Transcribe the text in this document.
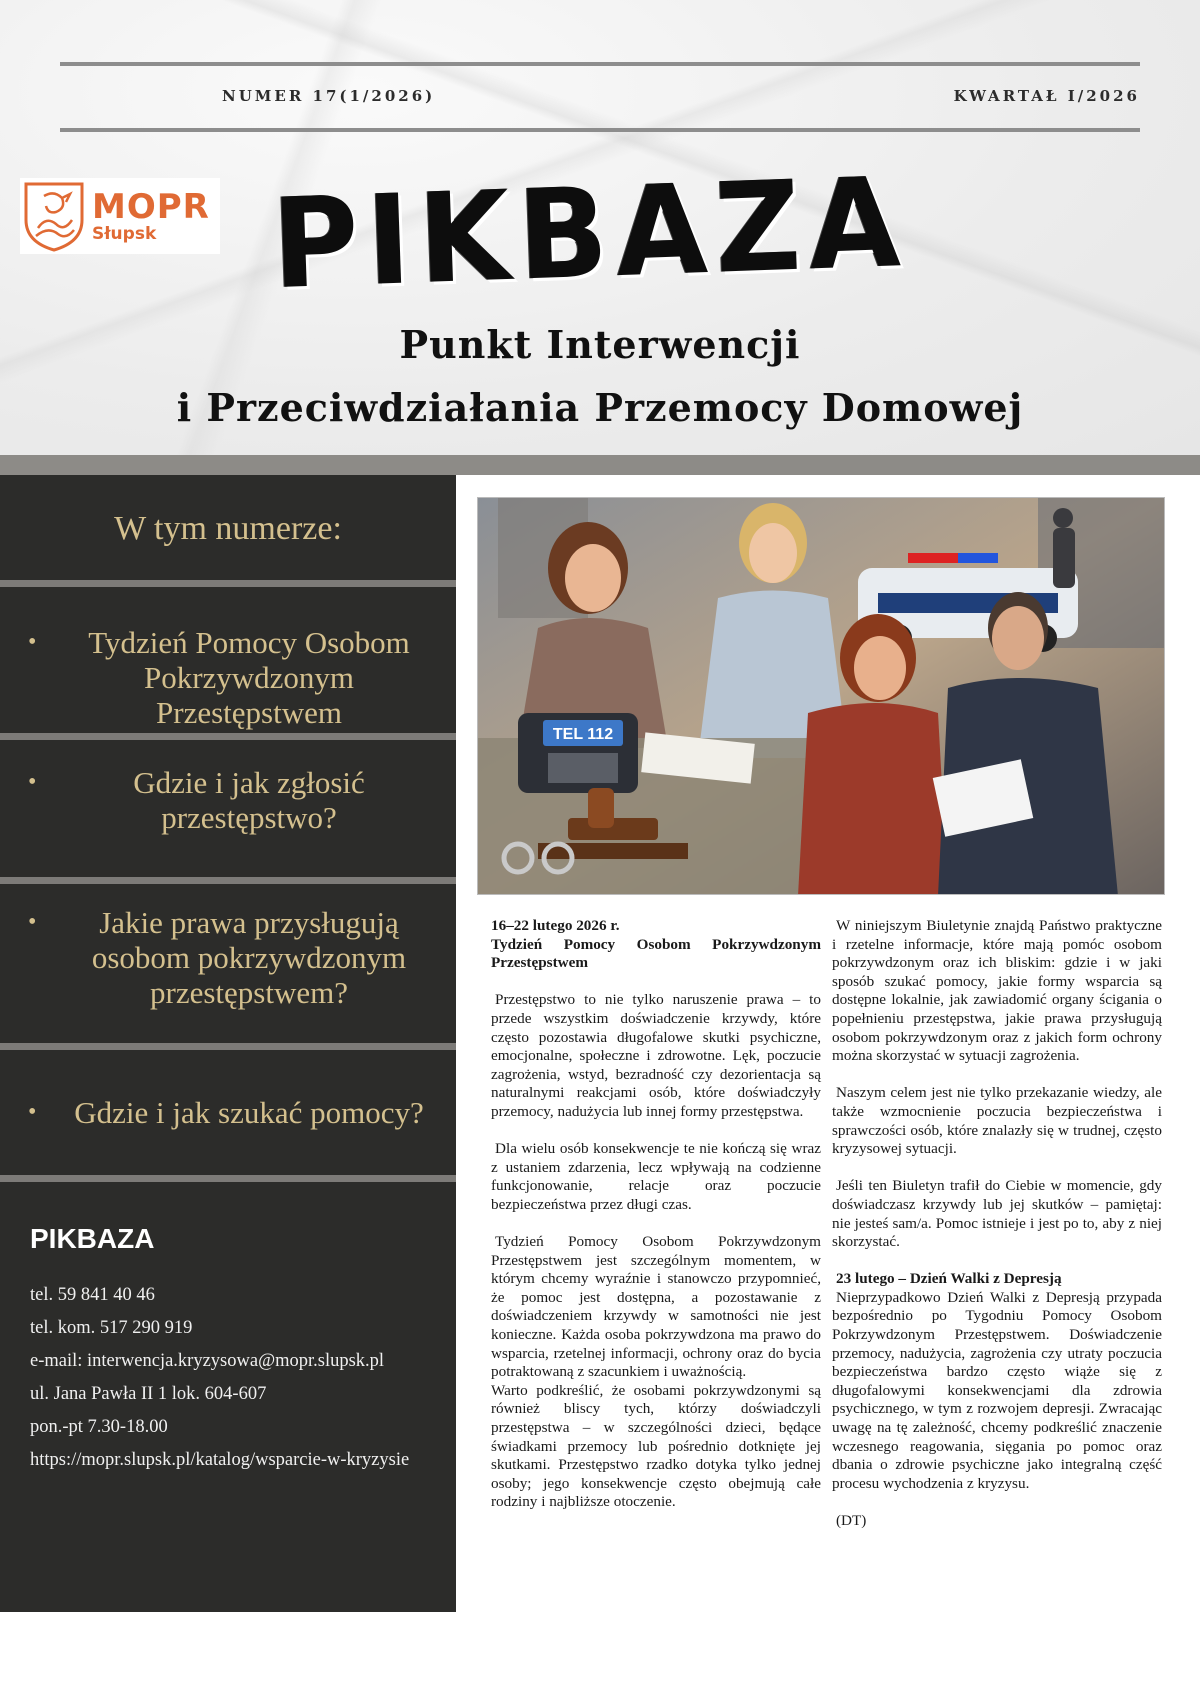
NUMER 17(1/2026)	KWARTAŁ I/2026
MOPR
Słupsk PIKBAZA
Punkt Interwencji
i Przeciwdziałania Przemocy Domowej
W tym numerze:
•	Tydzień Pomocy Osobom Pokrzywdzonym Przestępstwem
•	Gdzie i jak zgłosić przestępstwo?
•	Jakie prawa przysługują osobom pokrzywdzonym przestępstwem?
•	Gdzie i jak szukać pomocy?
PIKBAZA
tel. 59 841 40 46
tel. kom. 517 290 919
e-mail: interwencja.kryzysowa@mopr.slupsk.pl
ul. Jana Pawła II 1 lok. 604-607
pon.-pt 7.30-18.00
https://mopr.slupsk.pl/katalog/wsparcie-w-kryzysie
TEL 112

16–22 lutego 2026 r.

Tydzień Pomocy Osobom Pokrzywdzonym Przestępstwem

Przestępstwo to nie tylko naruszenie prawa – to przede wszystkim doświadczenie krzywdy, które często pozostawia długofalowe skutki psychiczne, emocjonalne, społeczne i zdrowotne. Lęk, poczucie zagrożenia, wstyd, bezradność czy dezorientacja są naturalnymi reakcjami osób, które doświadczyły przemocy, nadużycia lub innej formy przestępstwa.

Dla wielu osób konsekwencje te nie kończą się wraz z ustaniem zdarzenia, lecz wpływają na codzienne funkcjonowanie, relacje oraz poczucie bezpieczeństwa przez długi czas.

Tydzień Pomocy Osobom Pokrzywdzonym Przestępstwem jest szczególnym momentem, w którym chcemy wyraźnie i stanowczo przypomnieć, że pomoc jest dostępna, a pozostawanie z doświadczeniem krzywdy w samotności nie jest konieczne. Każda osoba pokrzywdzona ma prawo do wsparcia, rzetelnej informacji, ochrony oraz do bycia potraktowaną z szacunkiem i uważnością.

Warto podkreślić, że osobami pokrzywdzonymi są również bliscy tych, którzy doświadczyli przestępstwa – w szczególności dzieci, będące świadkami przemocy lub pośrednio dotknięte jej skutkami. Przestępstwo rzadko dotyka tylko jednej osoby; jego konsekwencje często obejmują całe rodziny i najbliższe otoczenie.

W niniejszym Biuletynie znajdą Państwo praktyczne i rzetelne informacje, które mają pomóc osobom pokrzywdzonym oraz ich bliskim: gdzie i w jaki sposób szukać pomocy, jakie formy wsparcia są dostępne lokalnie, jak zawiadomić organy ścigania o popełnieniu przestępstwa, jakie prawa przysługują osobom pokrzywdzonym oraz z jakich form ochrony można skorzystać w sytuacji zagrożenia.

Naszym celem jest nie tylko przekazanie wiedzy, ale także wzmocnienie poczucia bezpieczeństwa i sprawczości osób, które znalazły się w trudnej, często kryzysowej sytuacji.

Jeśli ten Biuletyn trafił do Ciebie w momencie, gdy doświadczasz krzywdy lub jej skutków – pamiętaj: nie jesteś sam/a. Pomoc istnieje i jest po to, aby z niej skorzystać.

23 lutego – Dzień Walki z Depresją

Nieprzypadkowo Dzień Walki z Depresją przypada bezpośrednio po Tygodniu Pomocy Osobom Pokrzywdzonym Przestępstwem. Doświadczenie przemocy, nadużycia, zagrożenia czy utraty poczucia bezpieczeństwa bardzo często wiąże się z długofalowymi konsekwencjami dla zdrowia psychicznego, w tym z rozwojem depresji. Zwracając uwagę na tę zależność, chcemy podkreślić znaczenie wczesnego reagowania, sięgania po pomoc oraz dbania o zdrowie psychiczne jako integralną część procesu wychodzenia z kryzysu.

(DT)
